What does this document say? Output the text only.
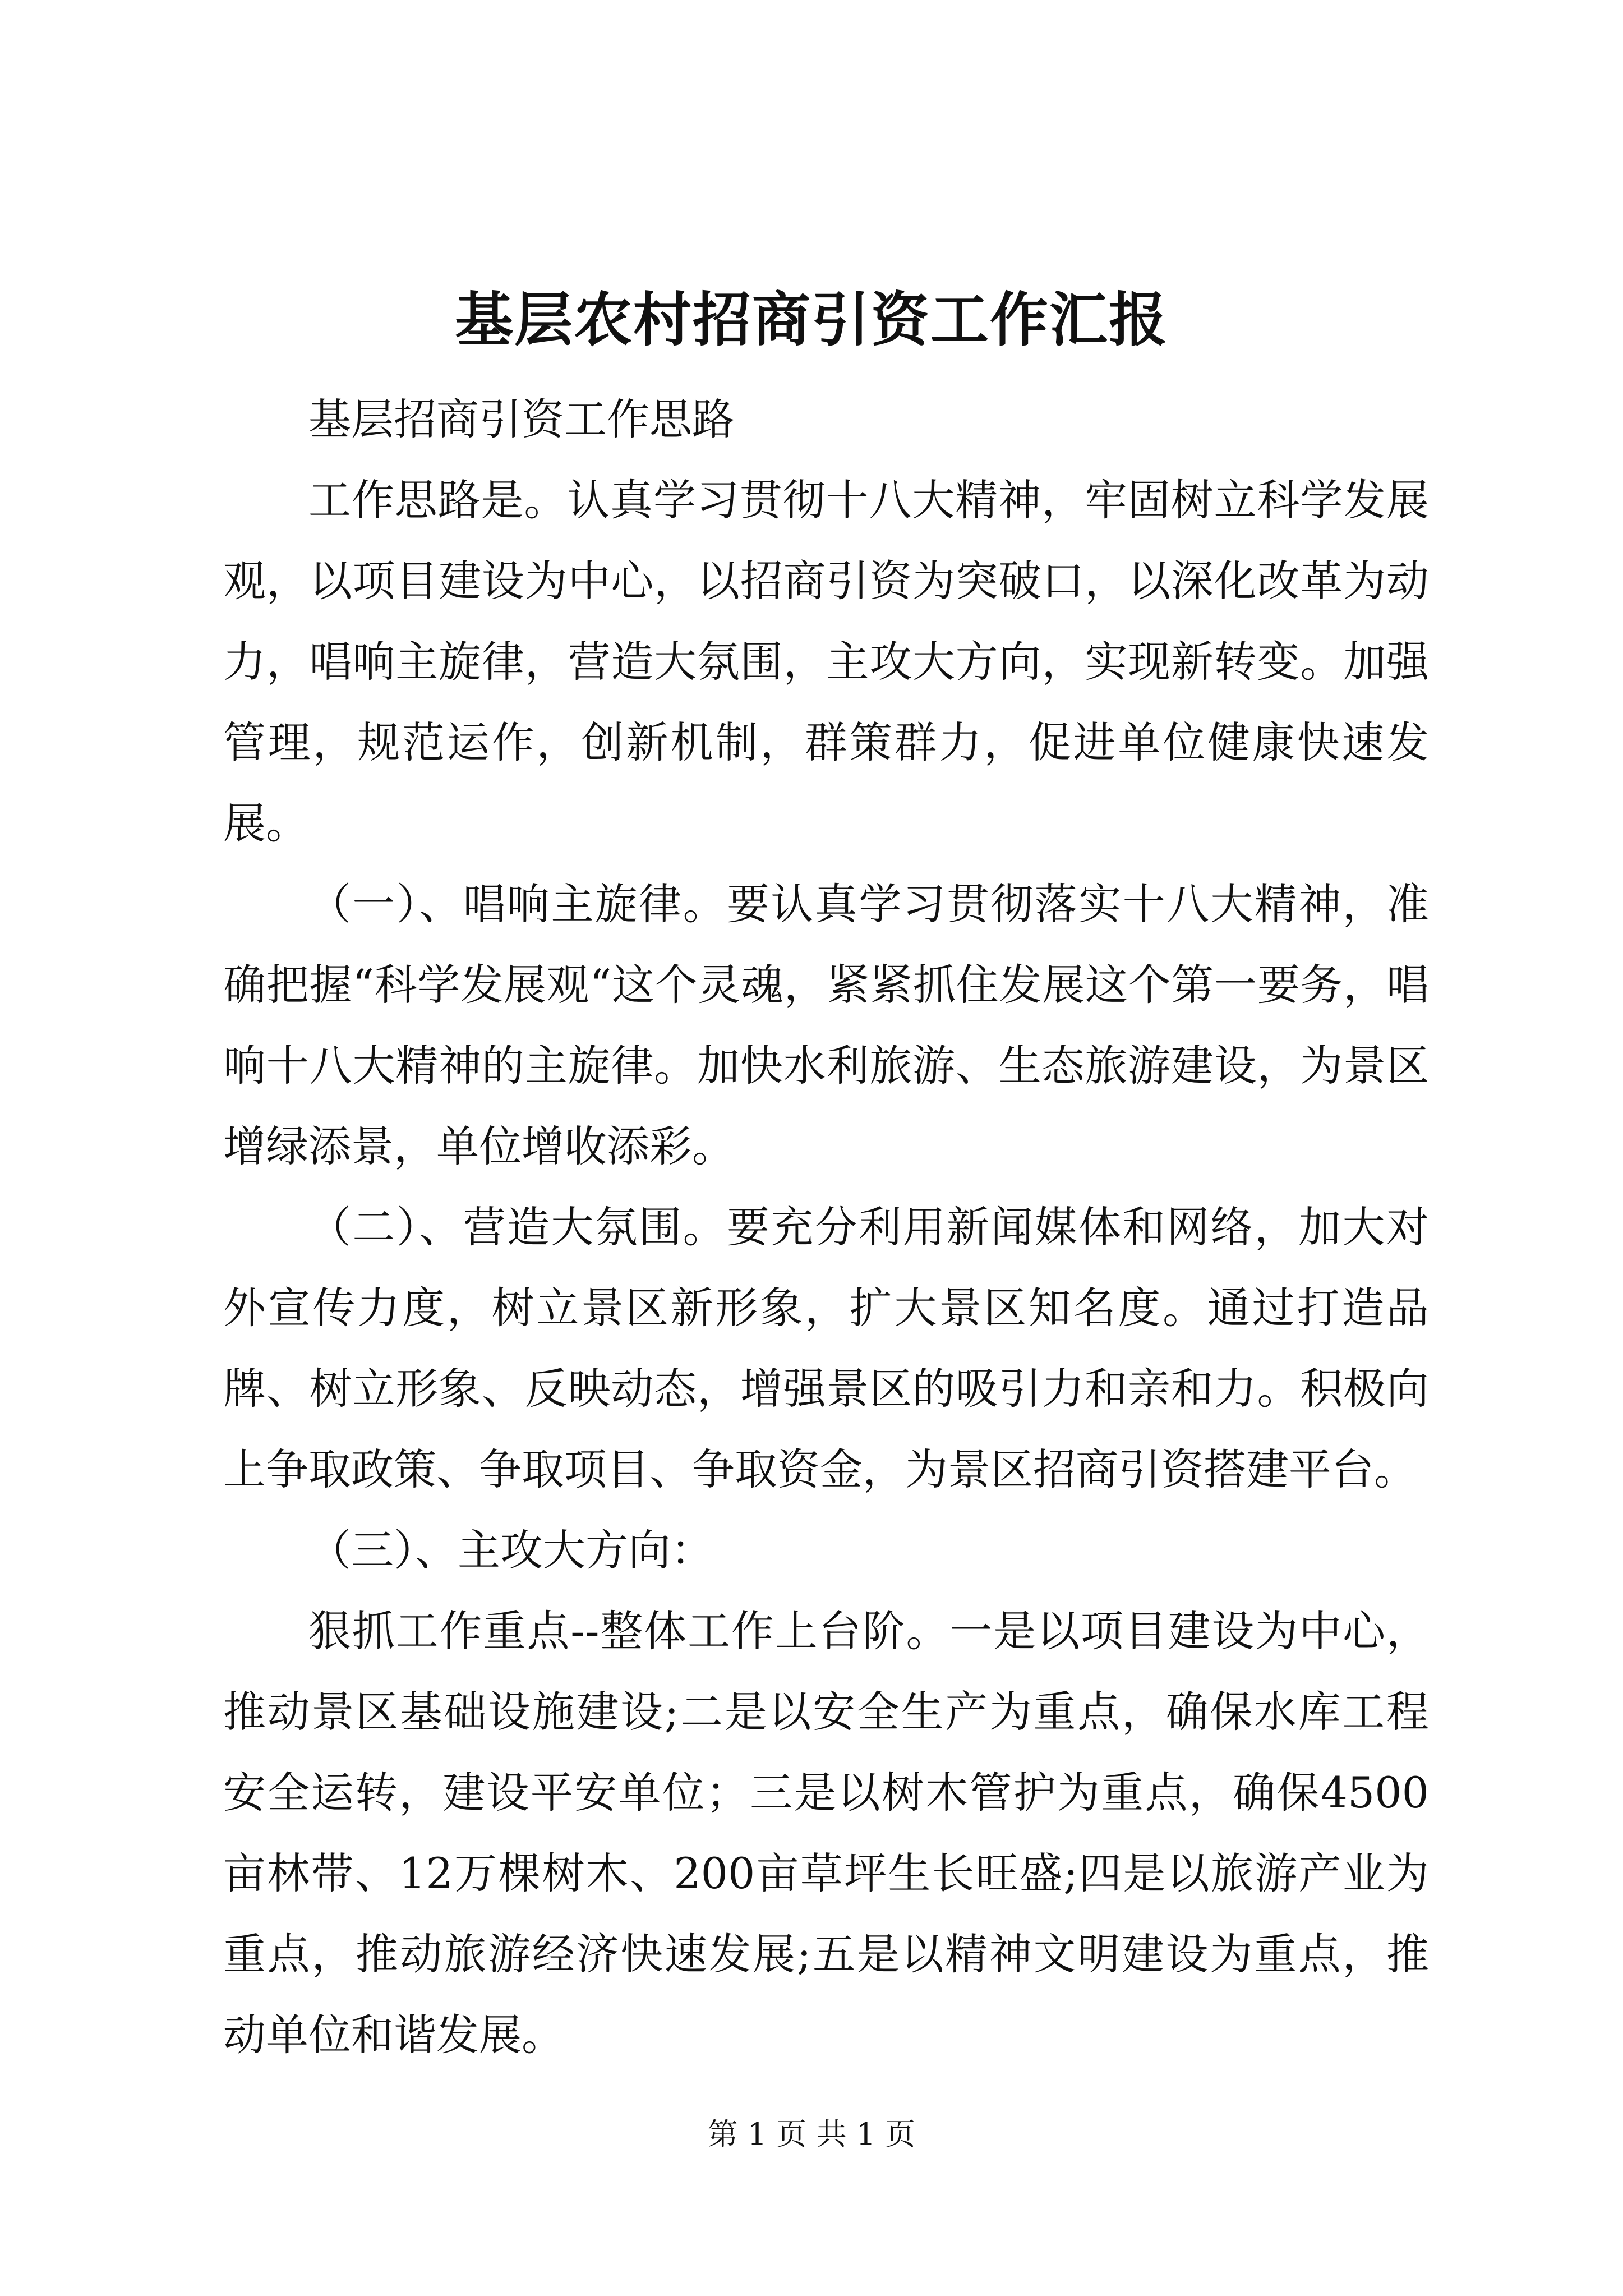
基层农村招商引资工作汇报

基层招商引资工作思路

工作思路是。认真学习贯彻十八大精神，牢固树立科学发展观，以项目建设为中心，以招商引资为突破口，以深化改革为动力，唱响主旋律，营造大氛围，主攻大方向，实现新转变。加强管理，规范运作，创新机制，群策群力，促进单位健康快速发展。

（一）、唱响主旋律。要认真学习贯彻落实十八大精神，准确把握“科学发展观“这个灵魂，紧紧抓住发展这个第一要务，唱响十八大精神的主旋律。加快水利旅游、生态旅游建设，为景区增绿添景，单位增收添彩。

（二）、营造大氛围。要充分利用新闻媒体和网络，加大对外宣传力度，树立景区新形象，扩大景区知名度。通过打造品牌、树立形象、反映动态，增强景区的吸引力和亲和力。积极向上争取政策、争取项目、争取资金，为景区招商引资搭建平台。

（三）、主攻大方向：

狠抓工作重点--整体工作上台阶。一是以项目建设为中心，推动景区基础设施建设;二是以安全生产为重点，确保水库工程安全运转，建设平安单位；三是以树木管护为重点，确保4500亩林带、12万棵树木、200亩草坪生长旺盛;四是以旅游产业为重点，推动旅游经济快速发展;五是以精神文明建设为重点，推动单位和谐发展。

第 1 页 共 1 页
